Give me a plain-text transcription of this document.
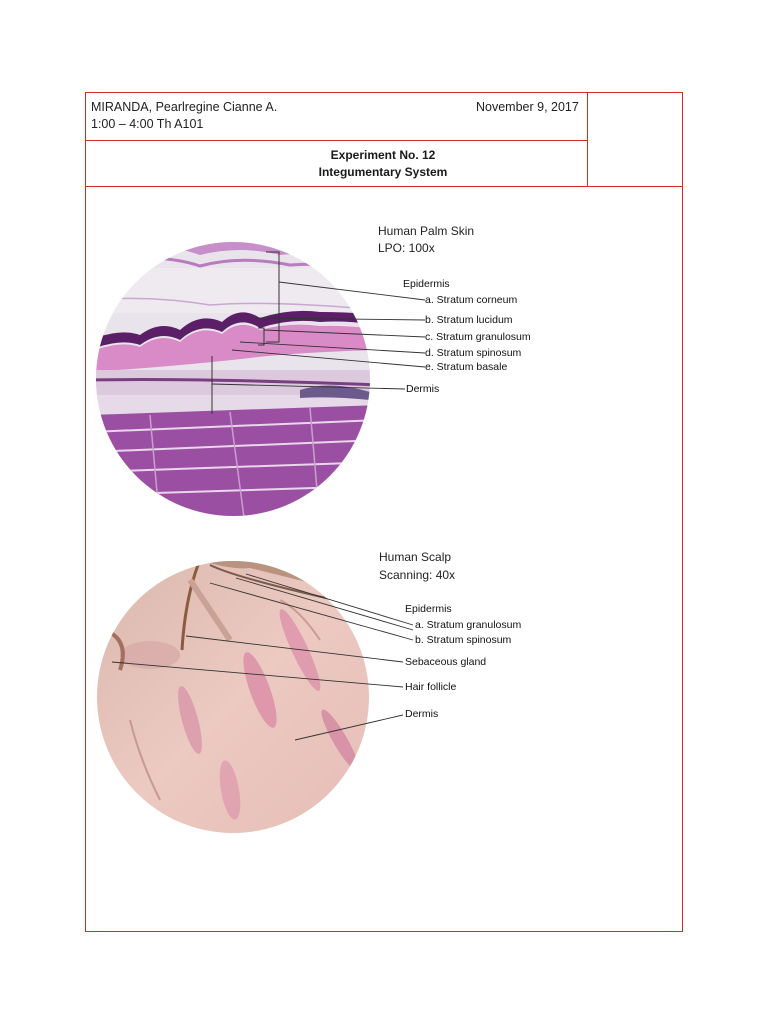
MIRANDA, Pearlregine Cianne A.
1:00 – 4:00 Th A101
November 9, 2017
Experiment No. 12
Integumentary System
Human Palm Skin
LPO: 100x
Epidermis
a. Stratum corneum
b. Stratum lucidum
c. Stratum granulosum
d. Stratum spinosum
e. Stratum basale
Dermis
Human Scalp
Scanning: 40x
Epidermis
a. Stratum granulosum
b. Stratum spinosum
Sebaceous gland
Hair follicle
Dermis
